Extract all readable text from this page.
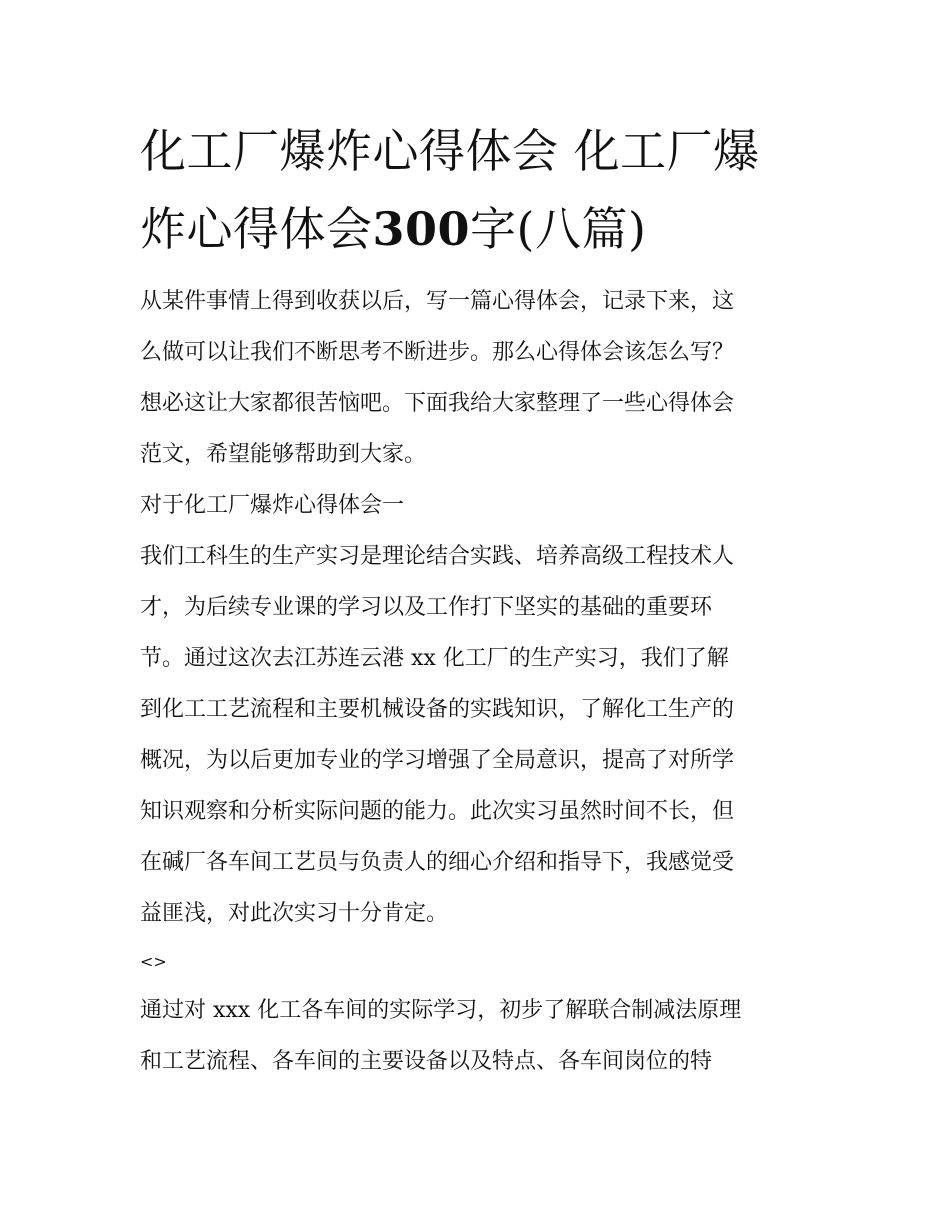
化工厂爆炸心得体会 化工厂爆
炸心得体会300字(八篇)
从某件事情上得到收获以后，写一篇心得体会，记录下来，这
么做可以让我们不断思考不断进步。那么心得体会该怎么写？
想必这让大家都很苦恼吧。下面我给大家整理了一些心得体会
范文，希望能够帮助到大家。
对于化工厂爆炸心得体会一
我们工科生的生产实习是理论结合实践、培养高级工程技术人
才，为后续专业课的学习以及工作打下坚实的基础的重要环
节。通过这次去江苏连云港 xx 化工厂的生产实习，我们了解
到化工工艺流程和主要机械设备的实践知识，了解化工生产的
概况，为以后更加专业的学习增强了全局意识，提高了对所学
知识观察和分析实际问题的能力。此次实习虽然时间不长，但
在碱厂各车间工艺员与负责人的细心介绍和指导下，我感觉受
益匪浅，对此次实习十分肯定。
<>
通过对 xxx 化工各车间的实际学习，初步了解联合制减法原理
和工艺流程、各车间的主要设备以及特点、各车间岗位的特
